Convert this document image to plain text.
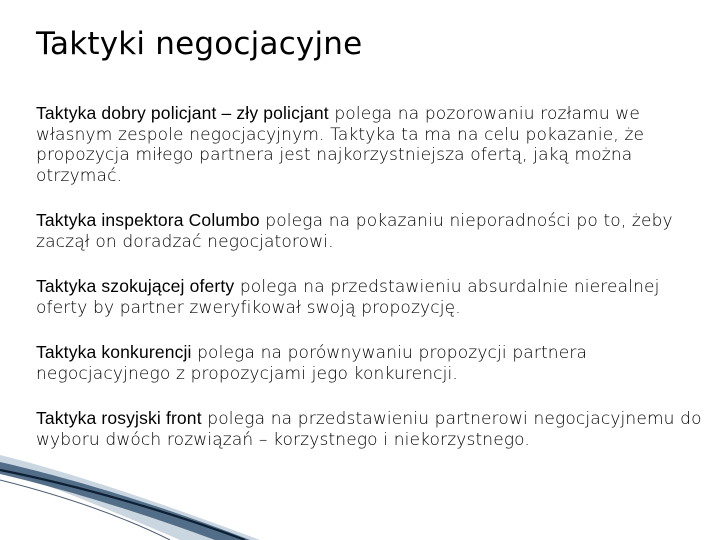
Taktyki negocjacyjne

Taktyka dobry policjant – zły policjant polega na pozorowaniu rozłamu we własnym zespole negocjacyjnym. Taktyka ta ma na celu pokazanie, że propozycja miłego partnera jest najkorzystniejsza ofertą, jaką można otrzymać.

Taktyka inspektora Columbo polega na pokazaniu nieporadności po to, żeby zaczął on doradzać negocjatorowi.

Taktyka szokującej oferty polega na przedstawieniu absurdalnie nierealnej oferty by partner zweryfikował swoją propozycję.

Taktyka konkurencji polega na porównywaniu propozycji partnera negocjacyjnego z propozycjami jego konkurencji.

Taktyka rosyjski front polega na przedstawieniu partnerowi negocjacyjnemu do wyboru dwóch rozwiązań – korzystnego i niekorzystnego.
